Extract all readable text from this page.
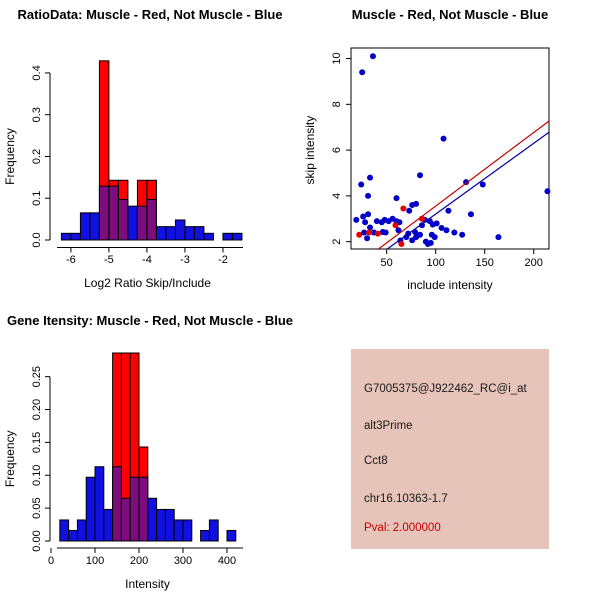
RatioData: Muscle - Red, Not Muscle - Blue
0.0
0.1
0.2
0.3
0.4
Frequency
-6	-5	-4	-3	-2
Log2 Ratio Skip/Include
Muscle - Red, Not Muscle - Blue
2
4
6
8
10
skip intensity
50	100	150	200
include intensity
Gene Itensity: Muscle - Red, Not Muscle - Blue
0.00
0.05
0.10
0.15
0.20
0.25
Frequency
0	100 200 300 400
Intensity
G7005375@J922462_RC@i_at
alt3Prime
Cct8
chr16.10363-1.7
Pval: 2.000000
